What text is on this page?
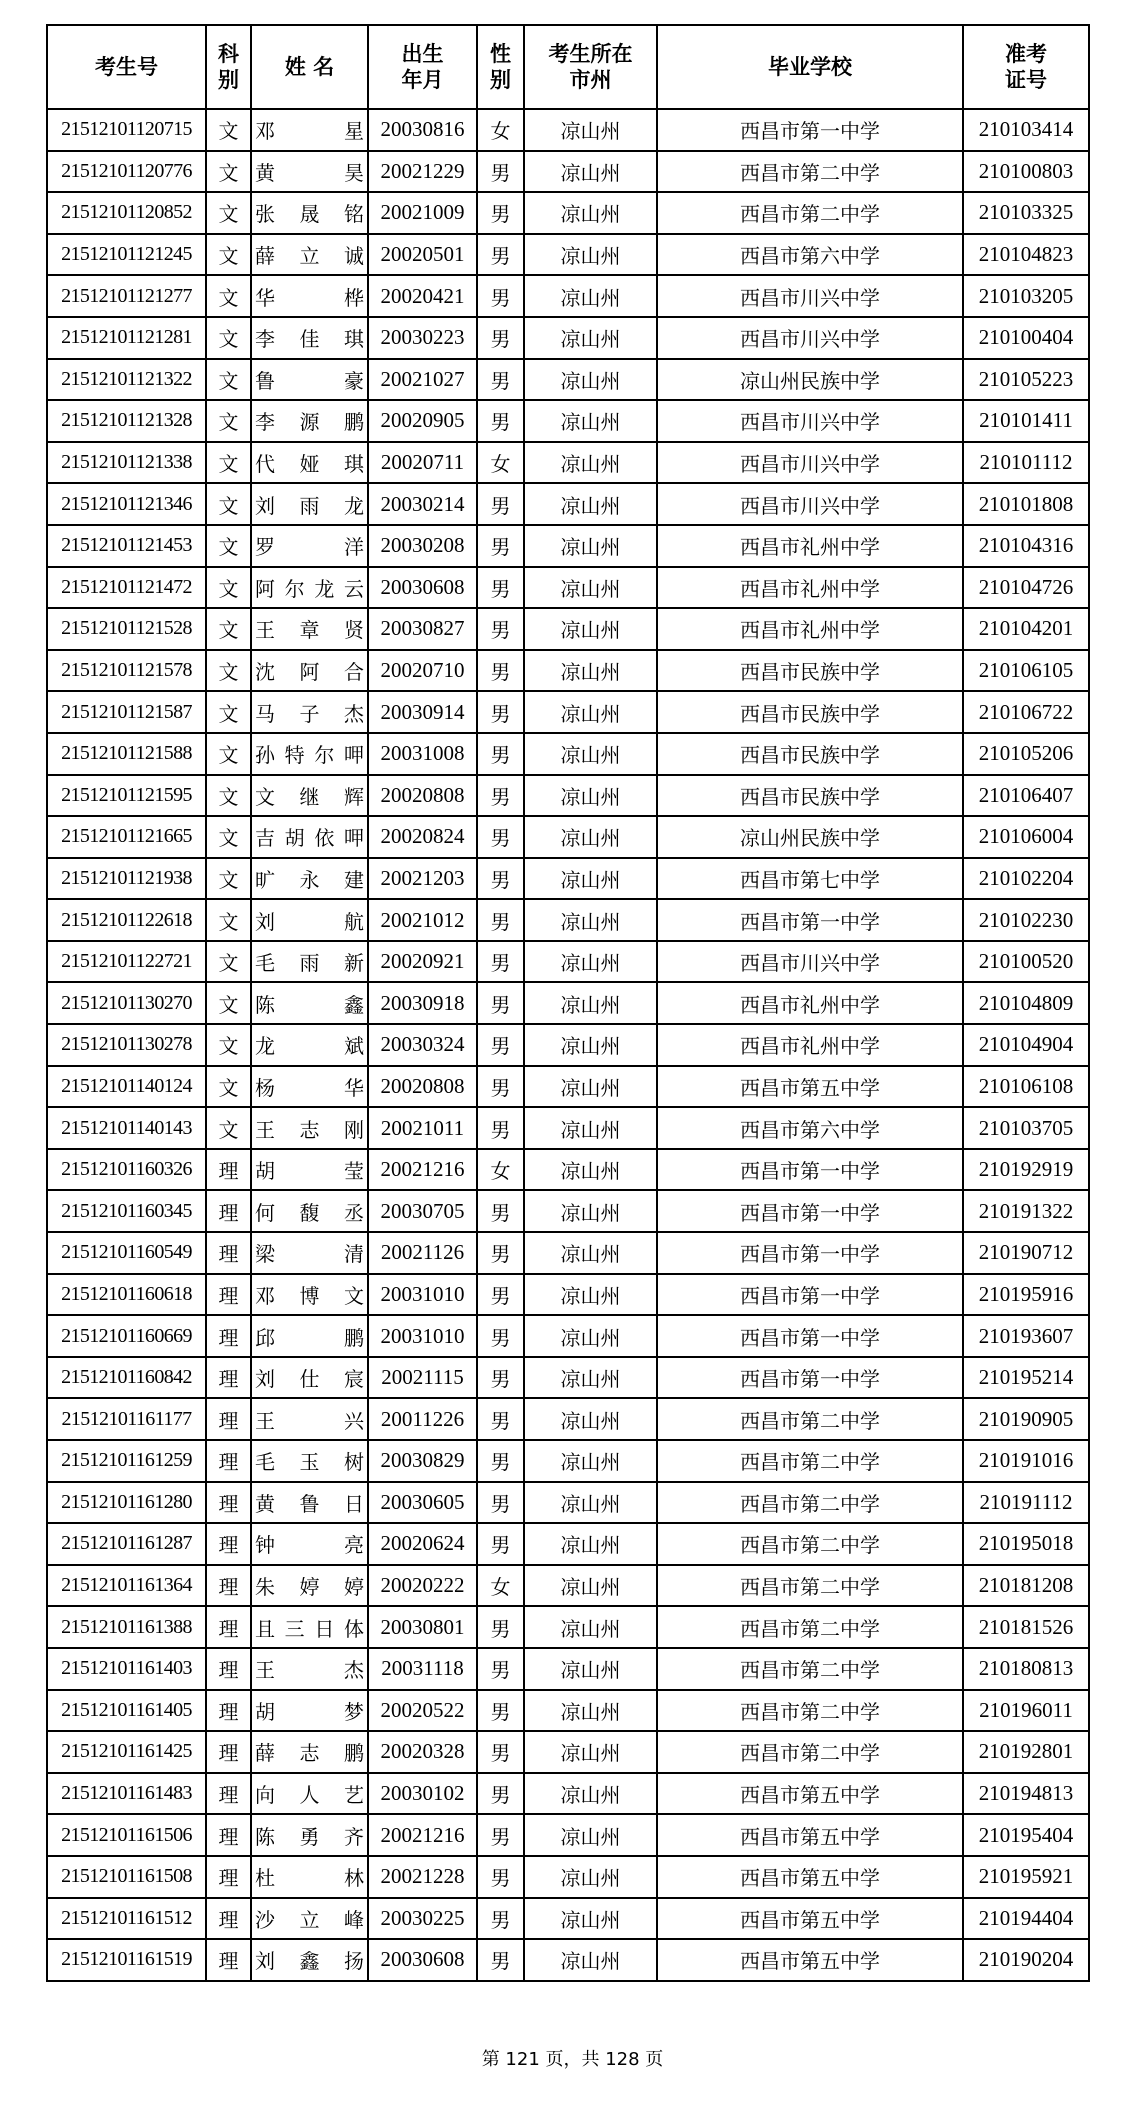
考生号	科别	姓 名	出生年月	性别	考生所在市州	毕业学校	准考证号
21512101120715	文	邓 星	20030816	女	凉山州	西昌市第一中学	210103414
21512101120776	文	黄 昊	20021229	男	凉山州	西昌市第二中学	210100803
21512101120852	文	张 晟 铭	20021009	男	凉山州	西昌市第二中学	210103325
21512101121245	文	薛 立 诚	20020501	男	凉山州	西昌市第六中学	210104823
21512101121277	文	华 桦	20020421	男	凉山州	西昌市川兴中学	210103205
21512101121281	文	李 佳 琪	20030223	男	凉山州	西昌市川兴中学	210100404
21512101121322	文	鲁 豪	20021027	男	凉山州	凉山州民族中学	210105223
21512101121328	文	李 源 鹏	20020905	男	凉山州	西昌市川兴中学	210101411
21512101121338	文	代 娅 琪	20020711	女	凉山州	西昌市川兴中学	210101112
21512101121346	文	刘 雨 龙	20030214	男	凉山州	西昌市川兴中学	210101808
21512101121453	文	罗 洋	20030208	男	凉山州	西昌市礼州中学	210104316
21512101121472	文	阿 尔 龙 云	20030608	男	凉山州	西昌市礼州中学	210104726
21512101121528	文	王 章 贤	20030827	男	凉山州	西昌市礼州中学	210104201
21512101121578	文	沈 阿 合	20020710	男	凉山州	西昌市民族中学	210106105
21512101121587	文	马 子 杰	20030914	男	凉山州	西昌市民族中学	210106722
21512101121588	文	孙 特 尔 呷	20031008	男	凉山州	西昌市民族中学	210105206
21512101121595	文	文 继 辉	20020808	男	凉山州	西昌市民族中学	210106407
21512101121665	文	吉 胡 依 呷	20020824	男	凉山州	凉山州民族中学	210106004
21512101121938	文	旷 永 建	20021203	男	凉山州	西昌市第七中学	210102204
21512101122618	文	刘 航	20021012	男	凉山州	西昌市第一中学	210102230
21512101122721	文	毛 雨 新	20020921	男	凉山州	西昌市川兴中学	210100520
21512101130270	文	陈 鑫	20030918	男	凉山州	西昌市礼州中学	210104809
21512101130278	文	龙 斌	20030324	男	凉山州	西昌市礼州中学	210104904
21512101140124	文	杨 华	20020808	男	凉山州	西昌市第五中学	210106108
21512101140143	文	王 志 刚	20021011	男	凉山州	西昌市第六中学	210103705
21512101160326	理	胡 莹	20021216	女	凉山州	西昌市第一中学	210192919
21512101160345	理	何 馥 丞	20030705	男	凉山州	西昌市第一中学	210191322
21512101160549	理	梁 清	20021126	男	凉山州	西昌市第一中学	210190712
21512101160618	理	邓 博 文	20031010	男	凉山州	西昌市第一中学	210195916
21512101160669	理	邱 鹏	20031010	男	凉山州	西昌市第一中学	210193607
21512101160842	理	刘 仕 宸	20021115	男	凉山州	西昌市第一中学	210195214
21512101161177	理	王 兴	20011226	男	凉山州	西昌市第二中学	210190905
21512101161259	理	毛 玉 树	20030829	男	凉山州	西昌市第二中学	210191016
21512101161280	理	黄 鲁 日	20030605	男	凉山州	西昌市第二中学	210191112
21512101161287	理	钟 亮	20020624	男	凉山州	西昌市第二中学	210195018
21512101161364	理	朱 婷 婷	20020222	女	凉山州	西昌市第二中学	210181208
21512101161388	理	且 三 日 体	20030801	男	凉山州	西昌市第二中学	210181526
21512101161403	理	王 杰	20031118	男	凉山州	西昌市第二中学	210180813
21512101161405	理	胡 梦	20020522	男	凉山州	西昌市第二中学	210196011
21512101161425	理	薛 志 鹏	20020328	男	凉山州	西昌市第二中学	210192801
21512101161483	理	向 人 艺	20030102	男	凉山州	西昌市第五中学	210194813
21512101161506	理	陈 勇 齐	20021216	男	凉山州	西昌市第五中学	210195404
21512101161508	理	杜 林	20021228	男	凉山州	西昌市第五中学	210195921
21512101161512	理	沙 立 峰	20030225	男	凉山州	西昌市第五中学	210194404
21512101161519	理	刘 鑫 扬	20030608	男	凉山州	西昌市第五中学	210190204
第 121 页，共 128 页
